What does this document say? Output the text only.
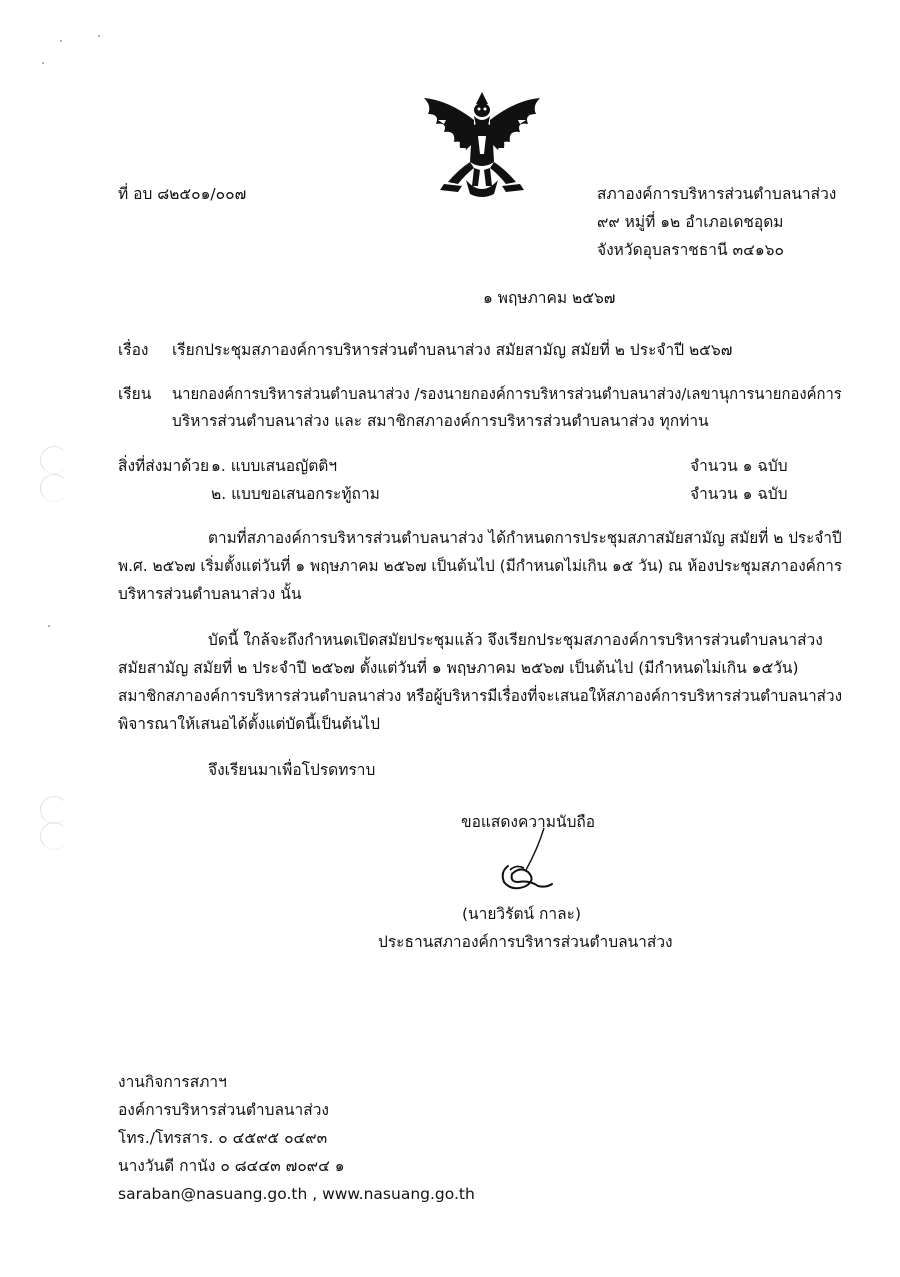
ที่ อบ ๘๒๕๐๑/๐๐๗	สภาองค์การบริหารส่วนตำบลนาส่วง
๙๙ หมู่ที่ ๑๒ อำเภอเดชอุดม
จังหวัดอุบลราชธานี ๓๔๑๖๐
๑ พฤษภาคม ๒๕๖๗
เรื่อง เรียกประชุมสภาองค์การบริหารส่วนตำบลนาส่วง สมัยสามัญ สมัยที่ ๒ ประจำปี ๒๕๖๗
เรียน นายกองค์การบริหารส่วนตำบลนาส่วง /รองนายกองค์การบริหารส่วนตำบลนาส่วง/เลขานุการนายกองค์การ
บริหารส่วนตำบลนาส่วง และ สมาชิกสภาองค์การบริหารส่วนตำบลนาส่วง ทุกท่าน
สิ่งที่ส่งมาด้วย ๑. แบบเสนอญัตติฯ	จำนวน ๑ ฉบับ
๒. แบบขอเสนอกระทู้ถาม	จำนวน ๑ ฉบับ
ตามที่สภาองค์การบริหารส่วนตำบลนาส่วง ได้กำหนดการประชุมสภาสมัยสามัญ สมัยที่ ๒ ประจำปี
พ.ศ. ๒๕๖๗ เริ่มตั้งแต่วันที่ ๑ พฤษภาคม ๒๕๖๗ เป็นต้นไป (มีกำหนดไม่เกิน ๑๕ วัน) ณ ห้องประชุมสภาองค์การ
บริหารส่วนตำบลนาส่วง นั้น
บัดนี้ ใกล้จะถึงกำหนดเปิดสมัยประชุมแล้ว จึงเรียกประชุมสภาองค์การบริหารส่วนตำบลนาส่วง
สมัยสามัญ สมัยที่ ๒ ประจำปี ๒๕๖๗ ตั้งแต่วันที่ ๑ พฤษภาคม ๒๕๖๗ เป็นต้นไป (มีกำหนดไม่เกิน ๑๕วัน)
สมาชิกสภาองค์การบริหารส่วนตำบลนาส่วง หรือผู้บริหารมีเรื่องที่จะเสนอให้สภาองค์การบริหารส่วนตำบลนาส่วง
พิจารณาให้เสนอได้ตั้งแต่บัดนี้เป็นต้นไป
จึงเรียนมาเพื่อโปรดทราบ
ขอแสดงความนับถือ
(นายวิรัตน์ กาละ)
ประธานสภาองค์การบริหารส่วนตำบลนาส่วง
งานกิจการสภาฯ
องค์การบริหารส่วนตำบลนาส่วง
โทร./โทรสาร. ๐ ๔๕๙๕ ๐๔๙๓
นางวันดี กานัง ๐ ๘๔๔๓ ๗๐๙๔ ๑
saraban@nasuang.go.th , www.nasuang.go.th
